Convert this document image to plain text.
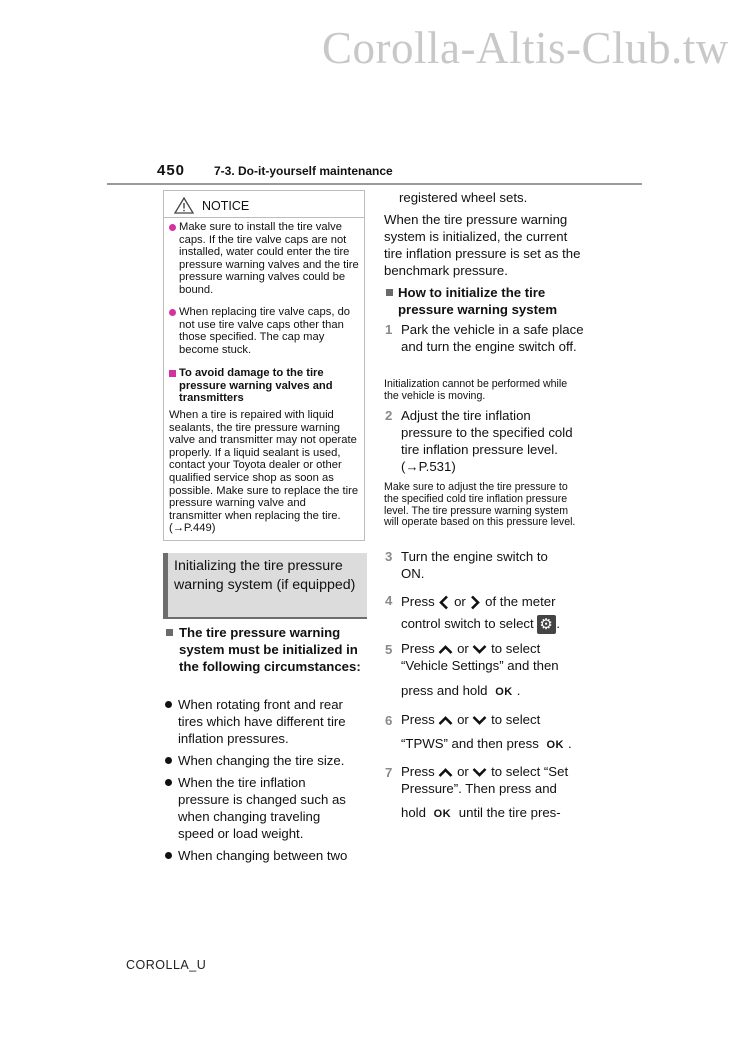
Corolla-Altis-Club.tw
450 7-3. Do-it-yourself maintenance
NOTICE
Make sure to install the tire valve caps. If the tire valve caps are not installed, water could enter the tire pressure warning valves and the tire pressure warning valves could be bound.
When replacing tire valve caps, do not use tire valve caps other than those specified. The cap may become stuck.
To avoid damage to the tire pressure warning valves and transmitters
When a tire is repaired with liquid sealants, the tire pressure warning valve and transmitter may not operate properly. If a liquid sealant is used, contact your Toyota dealer or other qualified service shop as soon as possible. Make sure to replace the tire pressure warning valve and transmitter when replacing the tire. (→P.449)
Initializing the tire pressure warning system (if equipped)
The tire pressure warning system must be initialized in the following circumstances:
When rotating front and rear tires which have different tire inflation pressures.
When changing the tire size.
When the tire inflation pressure is changed such as when changing traveling speed or load weight.
When changing between two
registered wheel sets.
When the tire pressure warning system is initialized, the current tire inflation pressure is set as the benchmark pressure.
How to initialize the tire pressure warning system
1 Park the vehicle in a safe place and turn the engine switch off.
Initialization cannot be performed while the vehicle is moving.
2 Adjust the tire inflation pressure to the specified cold tire inflation pressure level. (→P.531)
Make sure to adjust the tire pressure to the specified cold tire inflation pressure level. The tire pressure warning system will operate based on this pressure level.
3 Turn the engine switch to ON.
4 Press or of the meter
control switch to select ⚙ .
5 Press or to select
“Vehicle Settings” and then
press and hold OK .
6 Press or to select
“TPWS” and then press OK .
7 Press or to select “Set
Pressure”. Then press and
hold OK until the tire pres-
COROLLA_U
